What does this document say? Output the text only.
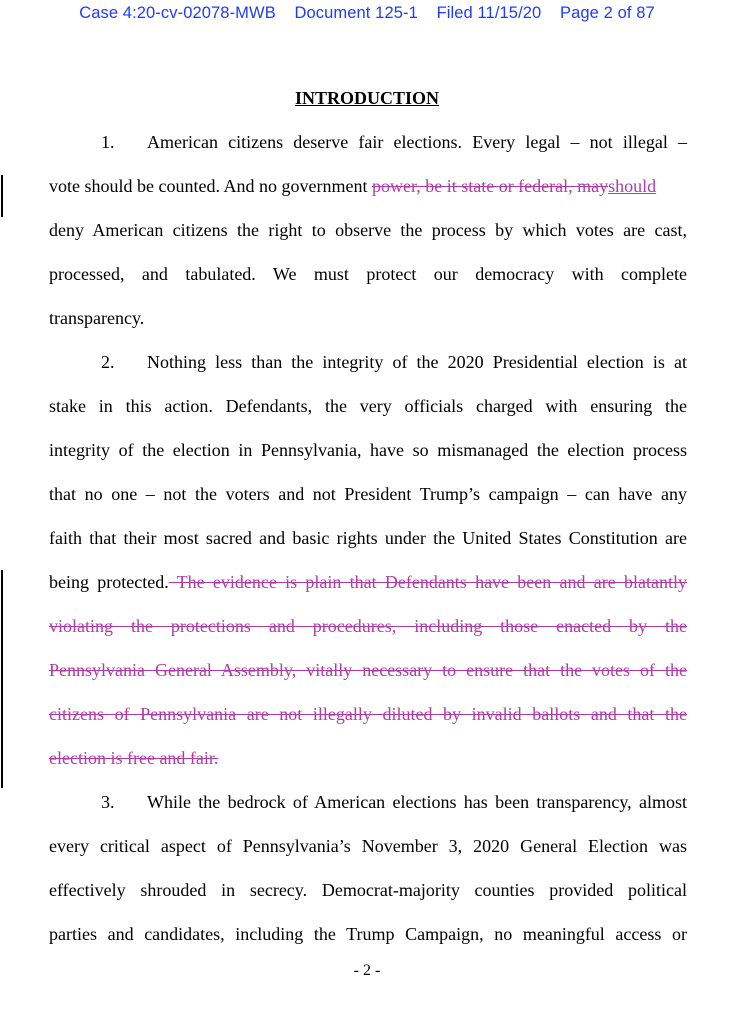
Case 4:20-cv-02078-MWB Document 125-1 Filed 11/15/20 Page 2 of 87
INTRODUCTION
1. American citizens deserve fair elections. Every legal – not illegal –
vote should be counted. And no government power, be it state or federal, mayshould
deny American citizens the right to observe the process by which votes are cast,
processed, and tabulated. We must protect our democracy with complete
transparency.
2. Nothing less than the integrity of the 2020 Presidential election is at
stake in this action. Defendants, the very officials charged with ensuring the
integrity of the election in Pennsylvania, have so mismanaged the election process
that no one – not the voters and not President Trump’s campaign – can have any
faith that their most sacred and basic rights under the United States Constitution are
being protected. The evidence is plain that Defendants have been and are blatantly
violating the protections and procedures, including those enacted by the
Pennsylvania General Assembly, vitally necessary to ensure that the votes of the
citizens of Pennsylvania are not illegally diluted by invalid ballots and that the
election is free and fair.
3. While the bedrock of American elections has been transparency, almost
every critical aspect of Pennsylvania’s November 3, 2020 General Election was
effectively shrouded in secrecy. Democrat-majority counties provided political
parties and candidates, including the Trump Campaign, no meaningful access or
- 2 -
